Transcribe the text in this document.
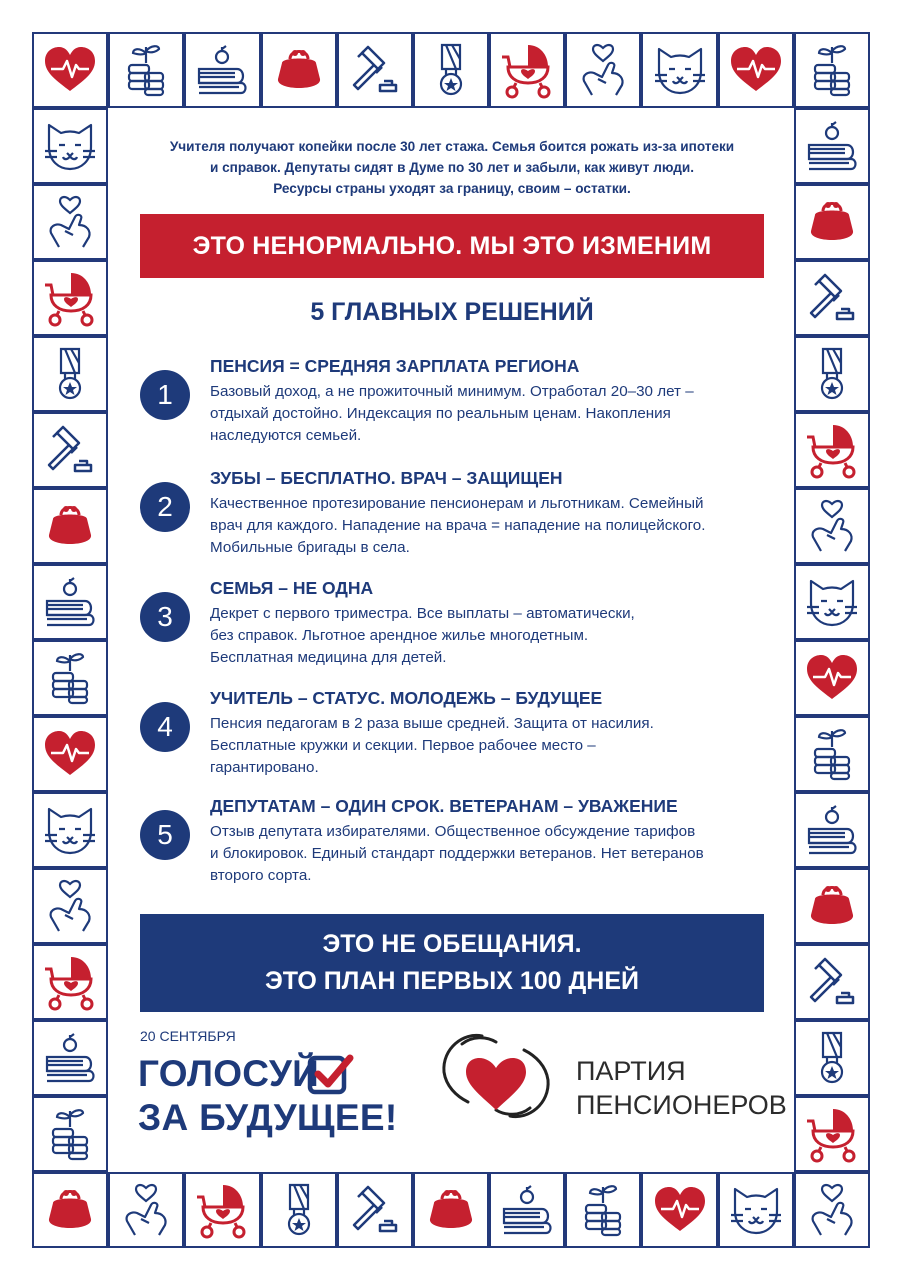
Учителя получают копейки после 30 лет стажа. Семья боится рожать из-за ипотеки
и справок. Депутаты сидят в Думе по 30 лет и забыли, как живут люди.
Ресурсы страны уходят за границу, своим – остатки.
ЭТО НЕНОРМАЛЬНО. МЫ ЭТО ИЗМЕНИМ
5 ГЛАВНЫХ РЕШЕНИЙ
1
ПЕНСИЯ = СРЕДНЯЯ ЗАРПЛАТА РЕГИОНА
Базовый доход, а не прожиточный минимум. Отработал 20–30 лет –
отдыхай достойно. Индексация по реальным ценам. Накопления
наследуются семьей.
2
ЗУБЫ – БЕСПЛАТНО. ВРАЧ – ЗАЩИЩЕН
Качественное протезирование пенсионерам и льготникам. Семейный
врач для каждого. Нападение на врача = нападение на полицейского.
Мобильные бригады в села.
3
СЕМЬЯ – НЕ ОДНА
Декрет с первого триместра. Все выплаты – автоматически,
без справок. Льготное арендное жилье многодетным.
Бесплатная медицина для детей.
4
УЧИТЕЛЬ – СТАТУС. МОЛОДЕЖЬ – БУДУЩЕЕ
Пенсия педагогам в 2 раза выше средней. Защита от насилия.
Бесплатные кружки и секции. Первое рабочее место –
гарантировано.
5
ДЕПУТАТАМ – ОДИН СРОК. ВЕТЕРАНАМ – УВАЖЕНИЕ
Отзыв депутата избирателями. Общественное обсуждение тарифов
и блокировок. Единый стандарт поддержки ветеранов. Нет ветеранов
второго сорта.
ЭТО НЕ ОБЕЩАНИЯ.
ЭТО ПЛАН ПЕРВЫХ 100 ДНЕЙ
20 СЕНТЯБРЯ
ГОЛОСУЙ
ЗА БУДУЩЕЕ!
ПАРТИЯ
ПЕНСИОНЕРОВ
